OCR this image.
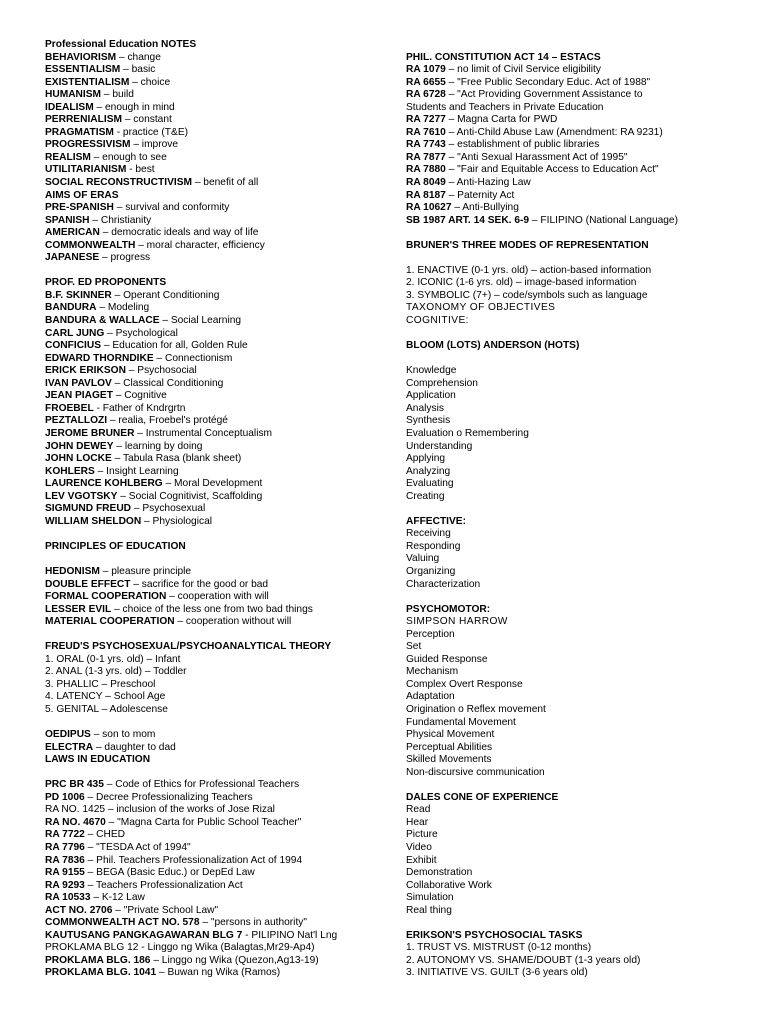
Professional Education NOTES
BEHAVIORISM – change
ESSENTIALISM – basic
EXISTENTIALISM – choice
HUMANISM – build
IDEALISM – enough in mind
PERRENIALISM – constant
PRAGMATISM - practice (T&E)
PROGRESSIVISM – improve
REALISM – enough to see
UTILITARIANISM - best
SOCIAL RECONSTRUCTIVISM – benefit of all
AIMS OF ERAS
PRE-SPANISH – survival and conformity
SPANISH – Christianity
AMERICAN – democratic ideals and way of life
COMMONWEALTH – moral character, efficiency
JAPANESE – progress
PROF. ED PROPONENTS
B.F. SKINNER – Operant Conditioning
BANDURA – Modeling
BANDURA & WALLACE – Social Learning
CARL JUNG – Psychological
CONFICIUS – Education for all, Golden Rule
EDWARD THORNDIKE – Connectionism
ERICK ERIKSON – Psychosocial
IVAN PAVLOV – Classical Conditioning
JEAN PIAGET – Cognitive
FROEBEL - Father of Kndrgrtn
PEZTALLOZI – realia, Froebel's protégé
JEROME BRUNER – Instrumental Conceptualism
JOHN DEWEY – learning by doing
JOHN LOCKE – Tabula Rasa (blank sheet)
KOHLERS – Insight Learning
LAURENCE KOHLBERG – Moral Development
LEV VGOTSKY – Social Cognitivist, Scaffolding
SIGMUND FREUD – Psychosexual
WILLIAM SHELDON – Physiological
PRINCIPLES OF EDUCATION
HEDONISM – pleasure principle
DOUBLE EFFECT – sacrifice for the good or bad
FORMAL COOPERATION – cooperation with will
LESSER EVIL – choice of the less one from two bad things
MATERIAL COOPERATION – cooperation without will
FREUD'S PSYCHOSEXUAL/PSYCHOANALYTICAL THEORY
1. ORAL (0-1 yrs. old) – Infant
2. ANAL (1-3 yrs. old) – Toddler
3. PHALLIC – Preschool
4. LATENCY – School Age
5. GENITAL – Adolescense
OEDIPUS – son to mom
ELECTRA – daughter to dad
LAWS IN EDUCATION
PRC BR 435 – Code of Ethics for Professional Teachers
PD 1006 – Decree Professionalizing Teachers
RA NO. 1425 – inclusion of the works of Jose Rizal
RA NO. 4670 – "Magna Carta for Public School Teacher"
RA 7722 – CHED
RA 7796 – "TESDA Act of 1994"
RA 7836 – Phil. Teachers Professionalization Act of 1994
RA 9155 – BEGA (Basic Educ.) or DepEd Law
RA 9293 – Teachers Professionalization Act
RA 10533 – K-12 Law
ACT NO. 2706 – "Private School Law"
COMMONWEALTH ACT NO. 578 – "persons in authority"
KAUTUSANG PANGKAGAWARAN BLG 7 - PILIPINO Nat'l Lng
PROKLAMA BLG 12 - Linggo ng Wika (Balagtas,Mr29-Ap4)
PROKLAMA BLG. 186 – Linggo ng Wika (Quezon,Ag13-19)
PROKLAMA BLG. 1041 – Buwan ng Wika (Ramos)
PHIL. CONSTITUTION ACT 14 – ESTACS
RA 1079 – no limit of Civil Service eligibility
RA 6655 – "Free Public Secondary Educ. Act of 1988"
RA 6728 – "Act Providing Government Assistance to
Students and Teachers in Private Education
RA 7277 – Magna Carta for PWD
RA 7610 – Anti-Child Abuse Law (Amendment: RA 9231)
RA 7743 – establishment of public libraries
RA 7877 – "Anti Sexual Harassment Act of 1995"
RA 7880 – "Fair and Equitable Access to Education Act"
RA 8049 – Anti-Hazing Law
RA 8187 – Paternity Act
RA 10627 – Anti-Bullying
SB 1987 ART. 14 SEK. 6-9 – FILIPINO (National Language)
BRUNER'S THREE MODES OF REPRESENTATION
1. ENACTIVE (0-1 yrs. old) – action-based information
2. ICONIC (1-6 yrs. old) – image-based information
3. SYMBOLIC (7+) – code/symbols such as language
TAXONOMY OF OBJECTIVES
COGNITIVE:
BLOOM (LOTS) ANDERSON (HOTS)
Knowledge
Comprehension
Application
Analysis
Synthesis
Evaluation o Remembering
Understanding
Applying
Analyzing
Evaluating
Creating
AFFECTIVE:
Receiving
Responding
Valuing
Organizing
Characterization
PSYCHOMOTOR:
SIMPSON HARROW
Perception
Set
Guided Response
Mechanism
Complex Overt Response
Adaptation
Origination o Reflex movement
Fundamental Movement
Physical Movement
Perceptual Abilities
Skilled Movements
Non-discursive communication
DALES CONE OF EXPERIENCE
Read
Hear
Picture
Video
Exhibit
Demonstration
Collaborative Work
Simulation
Real thing
ERIKSON'S PSYCHOSOCIAL TASKS
1. TRUST VS. MISTRUST (0-12 months)
2. AUTONOMY VS. SHAME/DOUBT (1-3 years old)
3. INITIATIVE VS. GUILT (3-6 years old)
